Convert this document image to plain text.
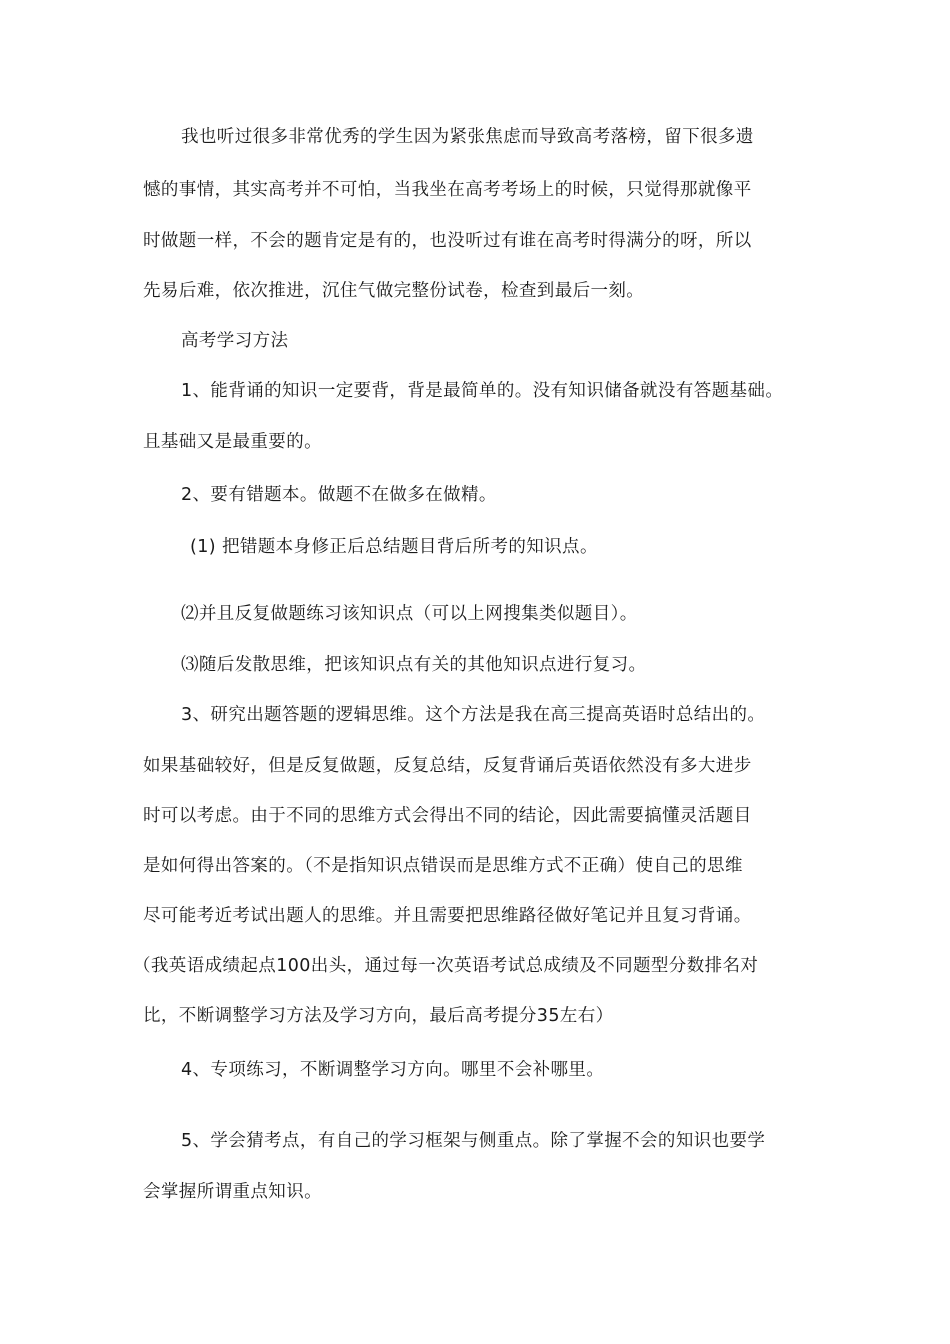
我也听过很多非常优秀的学生因为紧张焦虑而导致高考落榜，留下很多遗
憾的事情，其实高考并不可怕，当我坐在高考考场上的时候，只觉得那就像平
时做题一样，不会的题肯定是有的，也没听过有谁在高考时得满分的呀，所以
先易后难，依次推进，沉住气做完整份试卷，检查到最后一刻。
高考学习方法
1、能背诵的知识一定要背，背是最简单的。没有知识储备就没有答题基础。
且基础又是最重要的。
2、要有错题本。做题不在做多在做精。
(1) 把错题本身修正后总结题目背后所考的知识点。
⑵并且反复做题练习该知识点（可以上网搜集类似题目）。
⑶随后发散思维，把该知识点有关的其他知识点进行复习。
3、研究出题答题的逻辑思维。这个方法是我在高三提高英语时总结出的。
如果基础较好，但是反复做题，反复总结，反复背诵后英语依然没有多大进步
时可以考虑。由于不同的思维方式会得出不同的结论，因此需要搞懂灵活题目
是如何得出答案的。（不是指知识点错误而是思维方式不正确）使自己的思维
尽可能考近考试出题人的思维。并且需要把思维路径做好笔记并且复习背诵。
（我英语成绩起点100出头，通过每一次英语考试总成绩及不同题型分数排名对
比，不断调整学习方法及学习方向，最后高考提分35左右）
4、专项练习，不断调整学习方向。哪里不会补哪里。
5、学会猜考点，有自己的学习框架与侧重点。除了掌握不会的知识也要学
会掌握所谓重点知识。
